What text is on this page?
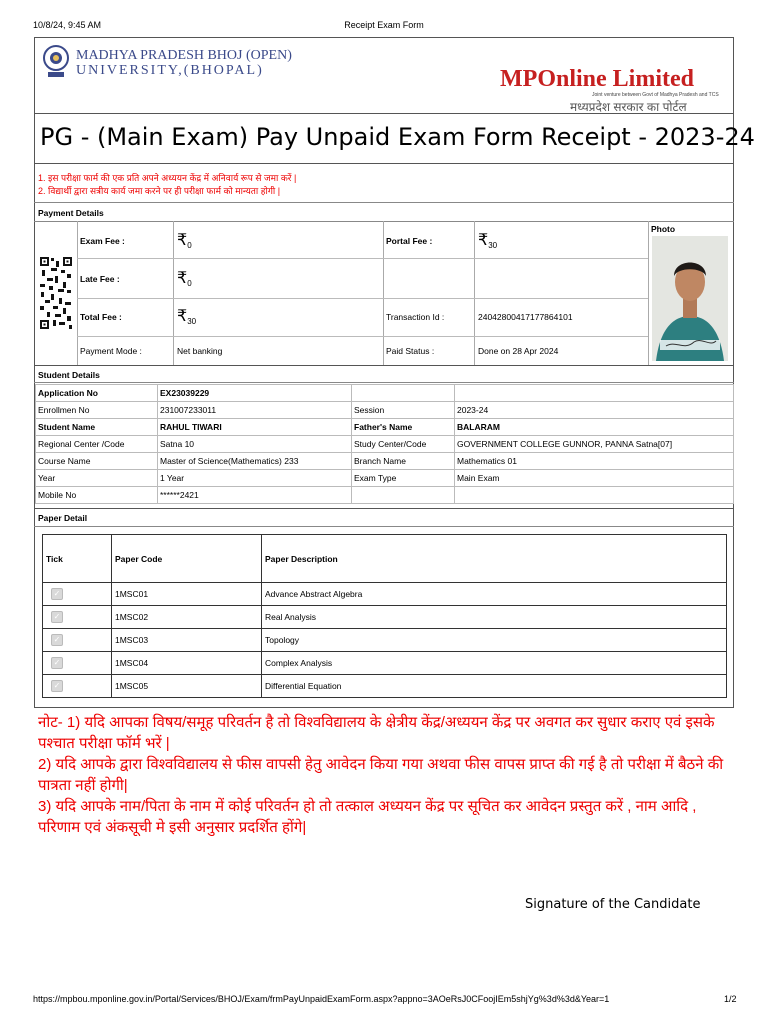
10/8/24, 9:45 AM	Receipt Exam Form
MADHYA PRADESH BHOJ (OPEN)
UNIVERSITY,(BHOPAL)	MPOnline Limited
Joint venture between Govt of Madhya Pradesh and TCS
मध्यप्रदेश सरकार का पोर्टल
PG - (Main Exam) Pay Unpaid Exam Form Receipt - 2023-24
1. इस परीक्षा फार्म की एक प्रति अपने अध्ययन केंद्र में अनिवार्य रूप से जमा करें |
2. विद्यार्थी द्वारा सत्रीय कार्य जमा करने पर ही परीक्षा फार्म को मान्यता होगी |
Payment Details
Exam Fee :	₹0	Portal Fee :	₹30
Late Fee :	₹0
Total Fee :	₹30	Transaction Id :	24042800417177864101
Payment Mode :	Net banking	Paid Status :	Done on 28 Apr 2024
Photo
Student Details
Application No	EX23039229		
Enrollmen No	231007233011	Session	2023-24
Student Name	RAHUL TIWARI	Father's Name	BALARAM
Regional Center /Code	Satna 10	Study Center/Code	GOVERNMENT COLLEGE GUNNOR, PANNA Satna[07]
Course Name	Master of Science(Mathematics) 233	Branch Name	Mathematics 01
Year	1 Year	Exam Type	Main Exam
Mobile No	******2421		
Paper Detail
Tick	Paper Code	Paper Description
✓	1MSC01	Advance Abstract Algebra
✓	1MSC02	Real Analysis
✓	1MSC03	Topology
✓	1MSC04	Complex Analysis
✓	1MSC05	Differential Equation
नोट- 1) यदि आपका विषय/समूह परिवर्तन है तो विश्वविद्यालय के क्षेत्रीय केंद्र/अध्ययन केंद्र पर अवगत कर सुधार कराए एवं इसके पश्चात परीक्षा फॉर्म भरें |
2) यदि आपके द्वारा विश्वविद्यालय से फीस वापसी हेतु आवेदन किया गया अथवा फीस वापस प्राप्त की गई है तो परीक्षा में बैठने की पात्रता नहीं होगी|
3) यदि आपके नाम/पिता के नाम में कोई परिवर्तन हो तो तत्काल अध्ययन केंद्र पर सूचित कर आवेदन प्रस्तुत करें , नाम आदि , परिणाम एवं अंकसूची मे इसी अनुसार प्रदर्शित होंगे|
Signature of the Candidate
https://mpbou.mponline.gov.in/Portal/Services/BHOJ/Exam/frmPayUnpaidExamForm.aspx?appno=3AOeRsJ0CFoojIEm5shjYg%3d%3d&Year=1	1/2
